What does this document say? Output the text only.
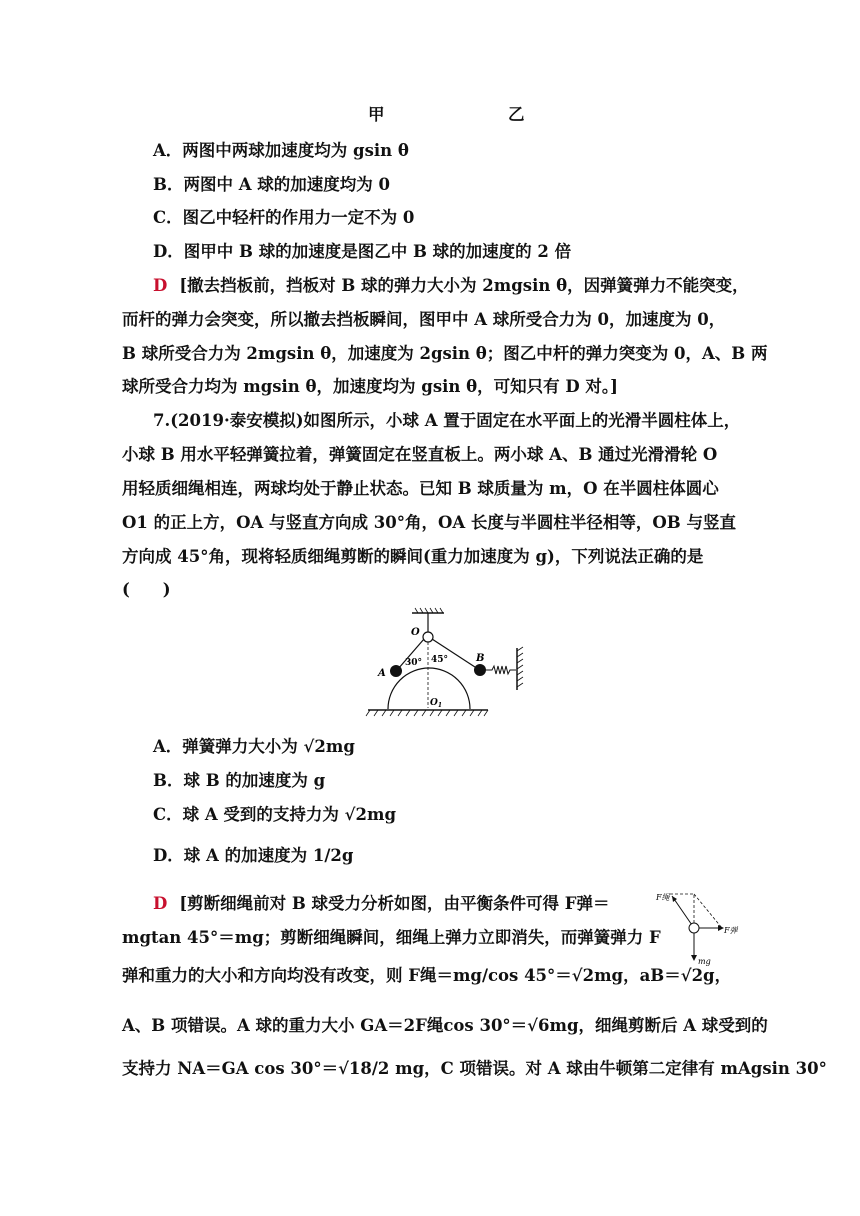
甲	乙
A．两图中两球加速度均为 gsin θ
B．两图中 A 球的加速度均为 0
C．图乙中轻杆的作用力一定不为 0
D．图甲中 B 球的加速度是图乙中 B 球的加速度的 2 倍
D [撤去挡板前，挡板对 B 球的弹力大小为 2mgsin θ，因弹簧弹力不能突变，
而杆的弹力会突变，所以撤去挡板瞬间，图甲中 A 球所受合力为 0，加速度为 0，
B 球所受合力为 2mgsin θ，加速度为 2gsin θ；图乙中杆的弹力突变为 0，A、B 两
球所受合力均为 mgsin θ，加速度均为 gsin θ，可知只有 D 对。]
7.(2019·泰安模拟)如图所示，小球 A 置于固定在水平面上的光滑半圆柱体上，
小球 B 用水平轻弹簧拉着，弹簧固定在竖直板上。两小球 A、B 通过光滑滑轮 O
用轻质细绳相连，两球均处于静止状态。已知 B 球质量为 m，O 在半圆柱体圆心
O1 的正上方，OA 与竖直方向成 30°角，OA 长度与半圆柱半径相等，OB 与竖直
方向成 45°角，现将轻质细绳剪断的瞬间(重力加速度为 g)，下列说法正确的是
(　　)
O
30° 45°
$O_1$
A
B
A．弹簧弹力大小为 √2mg
B．球 B 的加速度为 g
C．球 A 受到的支持力为 √2mg
D．球 A 的加速度为 1/2g
D [剪断细绳前对 B 球受力分析如图，由平衡条件可得 F弹＝
mgtan 45°＝mg；剪断细绳瞬间，细绳上弹力立即消失，而弹簧弹力 F
弹和重力的大小和方向均没有改变，则 F绳＝mg/cos 45°＝√2mg，aB＝√2g，
A、B 项错误。A 球的重力大小 GA＝2F绳cos 30°＝√6mg，细绳剪断后 A 球受到的
支持力 NA＝GA cos 30°＝√18/2 mg，C 项错误。对 A 球由牛顿第二定律有 mAgsin 30°
F绳
F弹
mg
